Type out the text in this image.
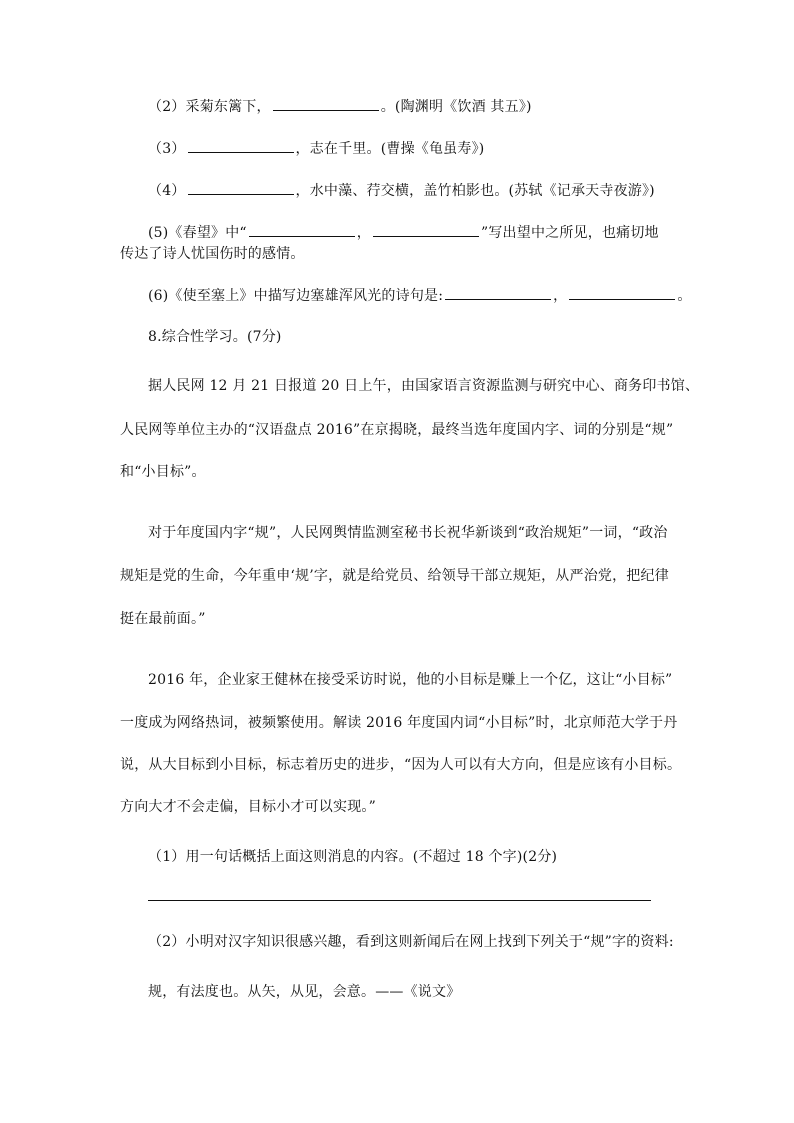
（2）采菊东篱下，	。(陶渊明《饮酒 其五》)
（3）	，志在千里。(曹操《龟虽寿》)
（4）	，水中藻、荇交横，盖竹柏影也。(苏轼《记承天寺夜游》)
(5)《春望》中“	，	”写出望中之所见，也痛切地
传达了诗人忧国伤时的感情。
(6)《使至塞上》中描写边塞雄浑风光的诗句是:	，	。
8.综合性学习。(7分)
据人民网 12 月 21 日报道 20 日上午，由国家语言资源监测与研究中心、商务印书馆、
人民网等单位主办的“汉语盘点 2016”在京揭晓，最终当选年度国内字、词的分别是“规”
和“小目标”。
对于年度国内字“规”，人民网舆情监测室秘书长祝华新谈到“政治规矩”一词，“政治
规矩是党的生命，今年重申‘规’字，就是给党员、给领导干部立规矩，从严治党，把纪律
挺在最前面。”
2016 年，企业家王健林在接受采访时说，他的小目标是赚上一个亿，这让“小目标”
一度成为网络热词，被频繁使用。解读 2016 年度国内词“小目标”时，北京师范大学于丹
说，从大目标到小目标，标志着历史的进步，“因为人可以有大方向，但是应该有小目标。
方向大才不会走偏，目标小才可以实现。”
（1）用一句话概括上面这则消息的内容。(不超过 18 个字)(2分)
（2）小明对汉字知识很感兴趣，看到这则新闻后在网上找到下列关于“规”字的资料:
规，有法度也。从矢，从见，会意。——《说文》
